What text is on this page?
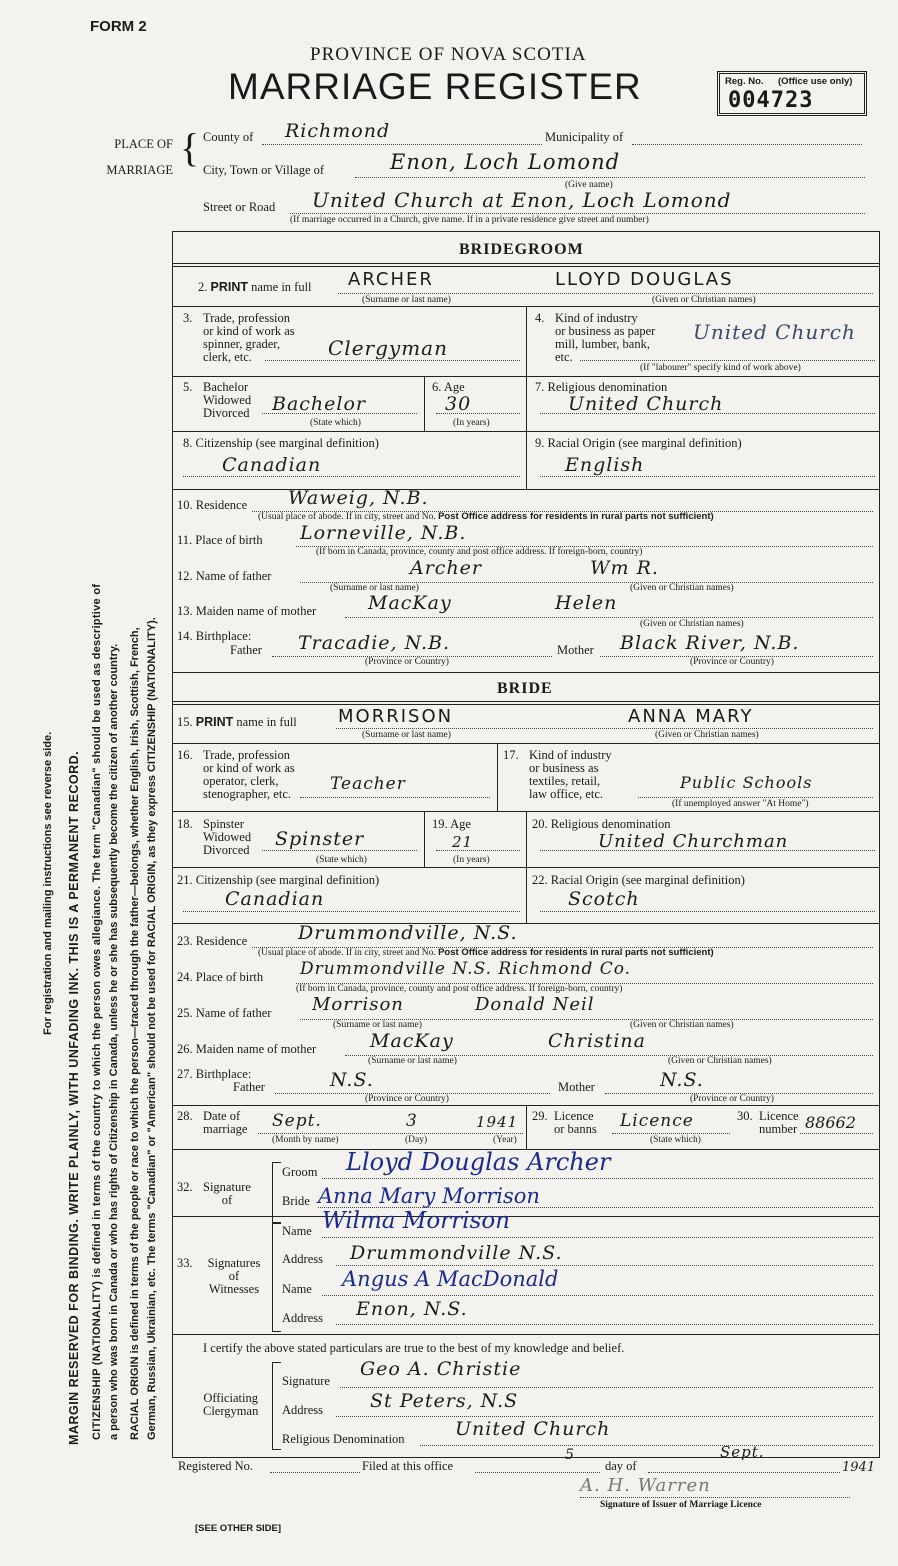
FORM 2
PROVINCE OF NOVA SCOTIA
MARRIAGE REGISTER	Reg. No. (Office use only)
004723
PLACE OF
MARRIAGE { County of Richmond	Municipality of
City, Town or Village of	Enon, Loch Lomond
(Give name)
Street or Road United Church at Enon, Loch Lomond
(If marriage occurred in a Church, give name. If in a private residence give street and number)
BRIDEGROOM
2. PRINT name in full ARCHER	LLOYD DOUGLAS
(Surname or last name)	(Given or Christian names)
3. Trade, profession
or kind of work as
spinner, grader,
clerk, etc.	Clergyman
4. Kind of industry
or business as paper
mill, lumber, bank,
etc.
United Church
(If "labourer" specify kind of work above)
5. Bachelor
Widowed
Divorced Bachelor
(State which)
6. Age
30
(In years)
7. Religious denomination
United Church
8. Citizenship (see marginal definition)
Canadian
9. Racial Origin (see marginal definition)
English
10. Residence Waweig, N.B.
(Usual place of abode. If in city, street and No. Post Office address for residents in rural parts not sufficient)
11. Place of birth Lorneville, N.B.
(If born in Canada, province, county and post office address. If foreign-born, country)
12. Name of father	Archer	Wm R.
(Surname or last name)	(Given or Christian names)
13. Maiden name of mother	MacKay	Helen
(Given or Christian names)
14. Birthplace:
Father Tracadie, N.B.	Mother Black River, N.B.
(Province or Country)	(Province or Country)
BRIDE
15. PRINT name in full MORRISON	ANNA MARY
(Surname or last name)	(Given or Christian names)
16. Trade, profession
or kind of work as
operator, clerk,
stenographer, etc. Teacher
17. Kind of industry
or business as
textiles, retail,
law office, etc.
Public Schools
(If unemployed answer "At Home")
18. Spinster
Widowed
Divorced Spinster
(State which)
19. Age
21
(In years)
20. Religious denomination
United Churchman
21. Citizenship (see marginal definition)
Canadian
22. Racial Origin (see marginal definition)
Scotch
23. Residence	Drummondville, N.S.
(Usual place of abode. If in city, street and No. Post Office address for residents in rural parts not sufficient)
24. Place of birth Drummondville N.S. Richmond Co.
(If born in Canada, province, county and post office address. If foreign-born, country)
25. Name of father Morrison	Donald Neil
(Surname or last name)	(Given or Christian names)
26. Maiden name of mother	MacKay	Christina
(Surname or last name)	(Given or Christian names)
27. Birthplace:
Father	N.S.	Mother	N.S.
(Province or Country)	(Province or Country)
28. Date of
marriage Sept.	3	1941
(Month by name)	(Day)	(Year)
29. Licence
or banns Licence
(State which)
30. Licence
number 88662
32. Signature
of
Groom Lloyd Douglas Archer
Bride Anna Mary Morrison
33.	Signatures
of
Witnesses
Name Wilma Morrison
Address Drummondville N.S.
Name Angus A MacDonald
Address Enon, N.S.
I certify the above stated particulars are true to the best of my knowledge and belief.
Officiating
Clergyman
Signature
Geo A. Christie
Address St Peters, N.S
Religious Denomination	United Church
Registered No.	Filed at this office
5
day of
Sept.
1941
A. H. Warren
Signature of Issuer of Marriage Licence
[SEE OTHER SIDE]
For registration and mailing instructions see reverse side. MARGIN RESERVED FOR BINDING. WRITE PLAINLY, WITH UNFADING INK. THIS IS A PERMANENT RECORD. CITIZENSHIP (NATIONALITY) is defined in terms of the country to which the person owes allegiance. The term "Canadian" should be used as descriptive of a person who was born in Canada or who has rights of Citizenship in Canada, unless he or she has subsequently become the citizen of another country. RACIAL ORIGIN is defined in terms of the people or race to which the person—traced through the father—belongs, whether English, Irish, Scottish, French, German, Russian, Ukrainian, etc. The terms "Canadian" or "American" should not be used for RACIAL ORIGIN, as they express CITIZENSHIP (NATIONALITY).
